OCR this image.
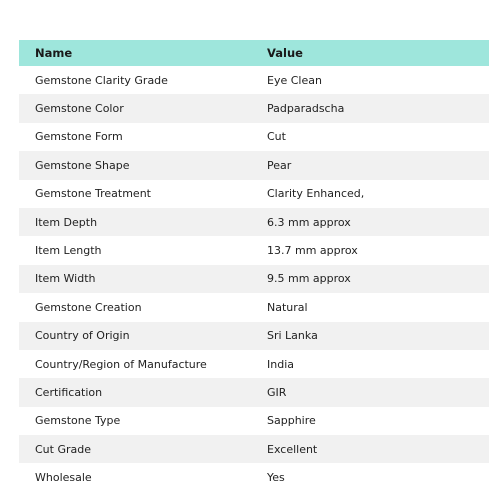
Name	Value
Gemstone Clarity Grade	Eye Clean
Gemstone Color	Padparadscha
Gemstone Form	Cut
Gemstone Shape	Pear
Gemstone Treatment	Clarity Enhanced,
Item Depth	6.3 mm approx
Item Length	13.7 mm approx
Item Width	9.5 mm approx
Gemstone Creation	Natural
Country of Origin	Sri Lanka
Country/Region of Manufacture	India
Certification	GIR
Gemstone Type	Sapphire
Cut Grade	Excellent
Wholesale	Yes
